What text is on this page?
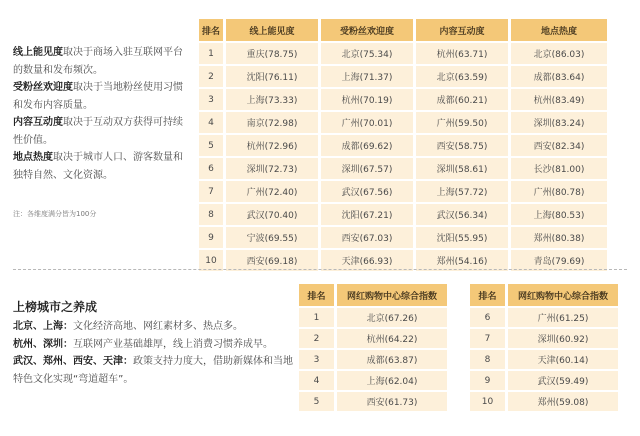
线上能见度取决于商场入驻互联网平台的数量和发布频次。

受粉丝欢迎度取决于当地粉丝使用习惯和发布内容质量。

内容互动度取决于互动双方获得可持续性价值。

地点热度取决于城市人口、游客数量和独特自然、文化资源。

注：各维度满分皆为100分
排名	线上能见度	受粉丝欢迎度	内容互动度	地点热度
1	重庆(78.75)	北京(75.34)	杭州(63.71)	北京(86.03)
2	沈阳(76.11)	上海(71.37)	北京(63.59)	成都(83.64)
3	上海(73.33)	杭州(70.19)	成都(60.21)	杭州(83.49)
4	南京(72.98)	广州(70.01)	广州(59.50)	深圳(83.24)
5	杭州(72.96)	成都(69.62)	西安(58.75)	西安(82.34)
6	深圳(72.73)	深圳(67.57)	深圳(58.61)	长沙(81.00)
7	广州(72.40)	武汉(67.56)	上海(57.72)	广州(80.78)
8	武汉(70.40)	沈阳(67.21)	武汉(56.34)	上海(80.53)
9	宁波(69.55)	西安(67.03)	沈阳(55.95)	郑州(80.38)
10	西安(69.18)	天津(66.93)	郑州(54.16)	青岛(79.69)
上榜城市之养成

北京、上海：文化经济高地、网红素材多、热点多。

杭州、深圳：互联网产业基础雄厚，线上消费习惯养成早。

武汉、郑州、西安、天津：政策支持力度大，借助新媒体和当地特色文化实现“弯道超车”。

排名	网红购物中心综合指数
1	北京(67.26)
2	杭州(64.22)
3	成都(63.87)
4	上海(62.04)
5	西安(61.73)
排名	网红购物中心综合指数
6	广州(61.25)
7	深圳(60.92)
8	天津(60.14)
9	武汉(59.49)
10	郑州(59.08)
